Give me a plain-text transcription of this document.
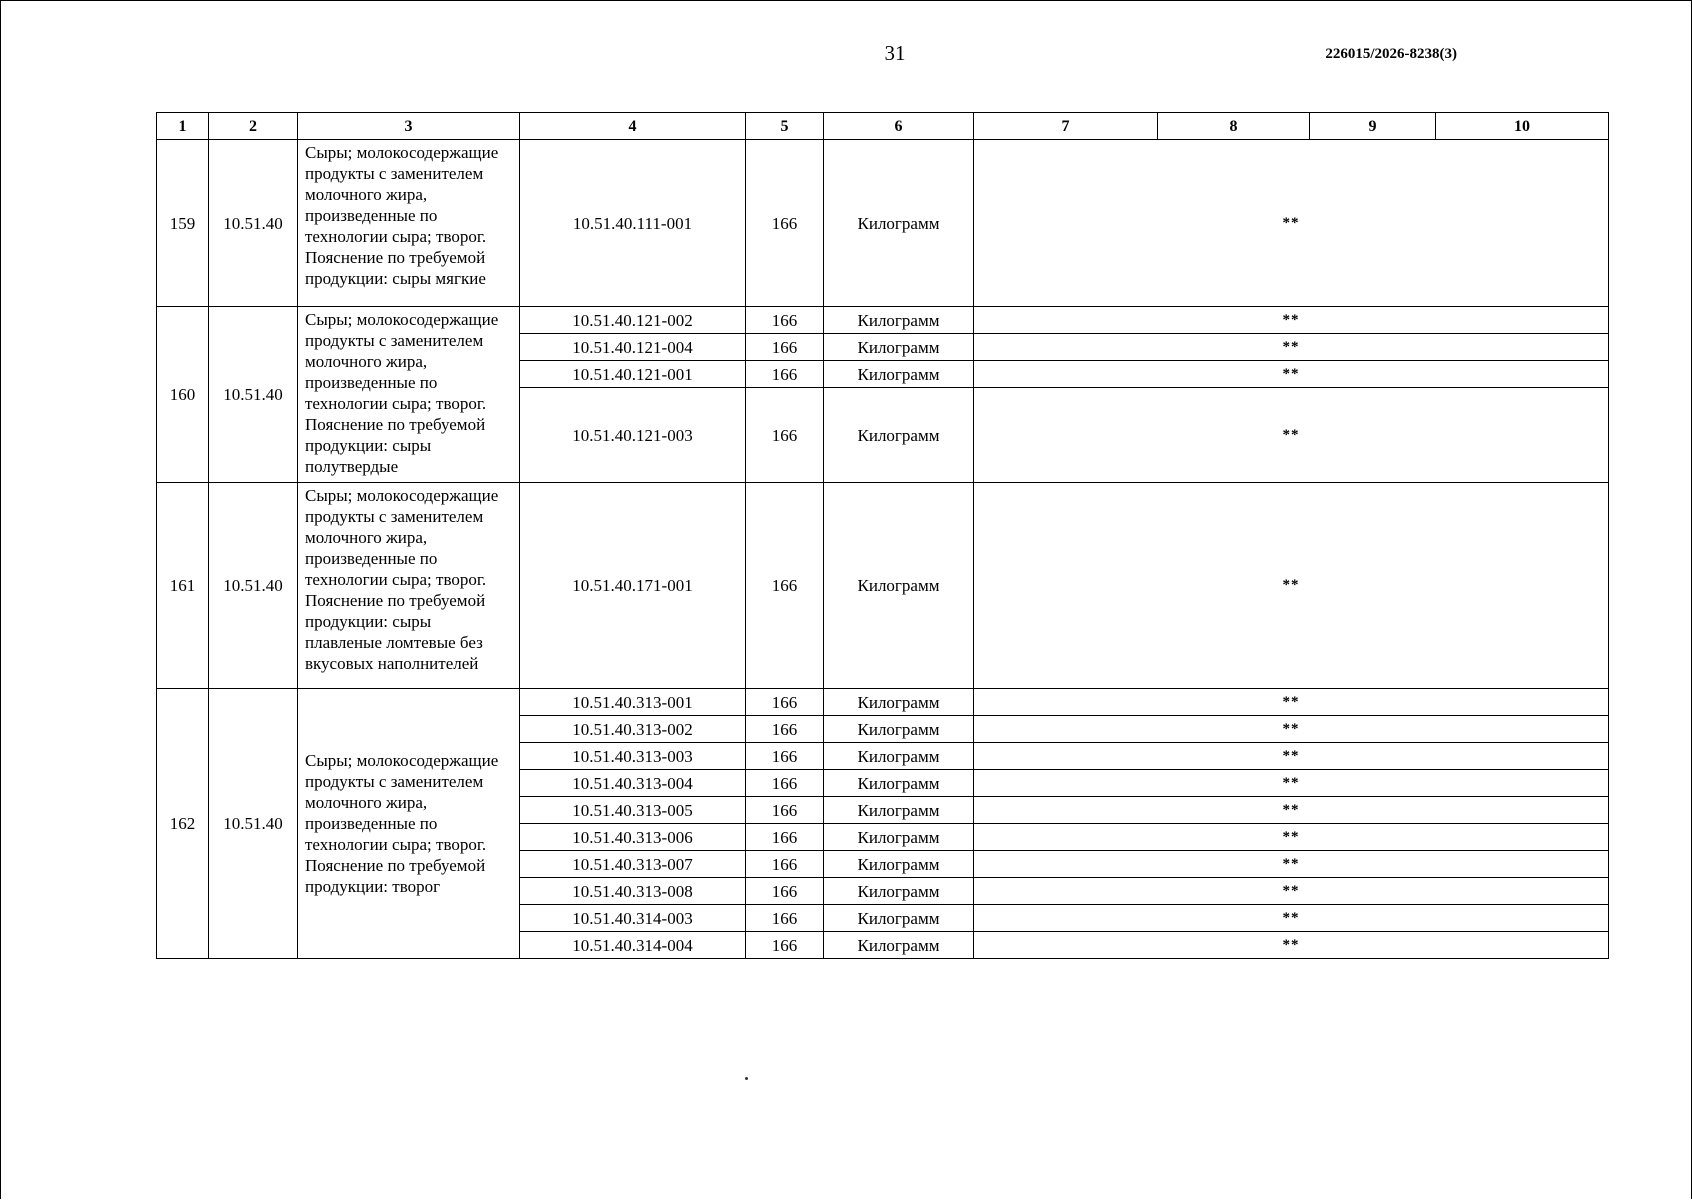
31	226015/2026-8238(3)
1	2	3	4	5	6	7	8	9	10
159	10.51.40	Сыры; молокосодержащие продукты с заменителем молочного жира, произведенные по технологии сыра; творог. Пояснение по требуемой продукции: сыры мягкие	10.51.40.111-001	166	Килограмм	**			
160	10.51.40	Сыры; молокосодержащие продукты с заменителем молочного жира, произведенные по технологии сыра; творог. Пояснение по требуемой продукции: сыры полутвердые	10.51.40.121-002	166	Килограмм	**			
			10.51.40.121-004	166	Килограмм	**			
			10.51.40.121-001	166	Килограмм	**			
			10.51.40.121-003	166	Килограмм	**			
161	10.51.40	Сыры; молокосодержащие продукты с заменителем молочного жира, произведенные по технологии сыра; творог. Пояснение по требуемой продукции: сыры плавленые ломтевые без вкусовых наполнителей	10.51.40.171-001	166	Килограмм	**			
162	10.51.40	Сыры; молокосодержащие продукты с заменителем молочного жира, произведенные по технологии сыра; творог. Пояснение по требуемой продукции: творог	10.51.40.313-001	166	Килограмм	**			
			10.51.40.313-002	166	Килограмм	**			
			10.51.40.313-003	166	Килограмм	**			
			10.51.40.313-004	166	Килограмм	**			
			10.51.40.313-005	166	Килограмм	**			
			10.51.40.313-006	166	Килограмм	**			
			10.51.40.313-007	166	Килограмм	**			
			10.51.40.313-008	166	Килограмм	**			
			10.51.40.314-003	166	Килограмм	**			
			10.51.40.314-004	166	Килограмм	**			
